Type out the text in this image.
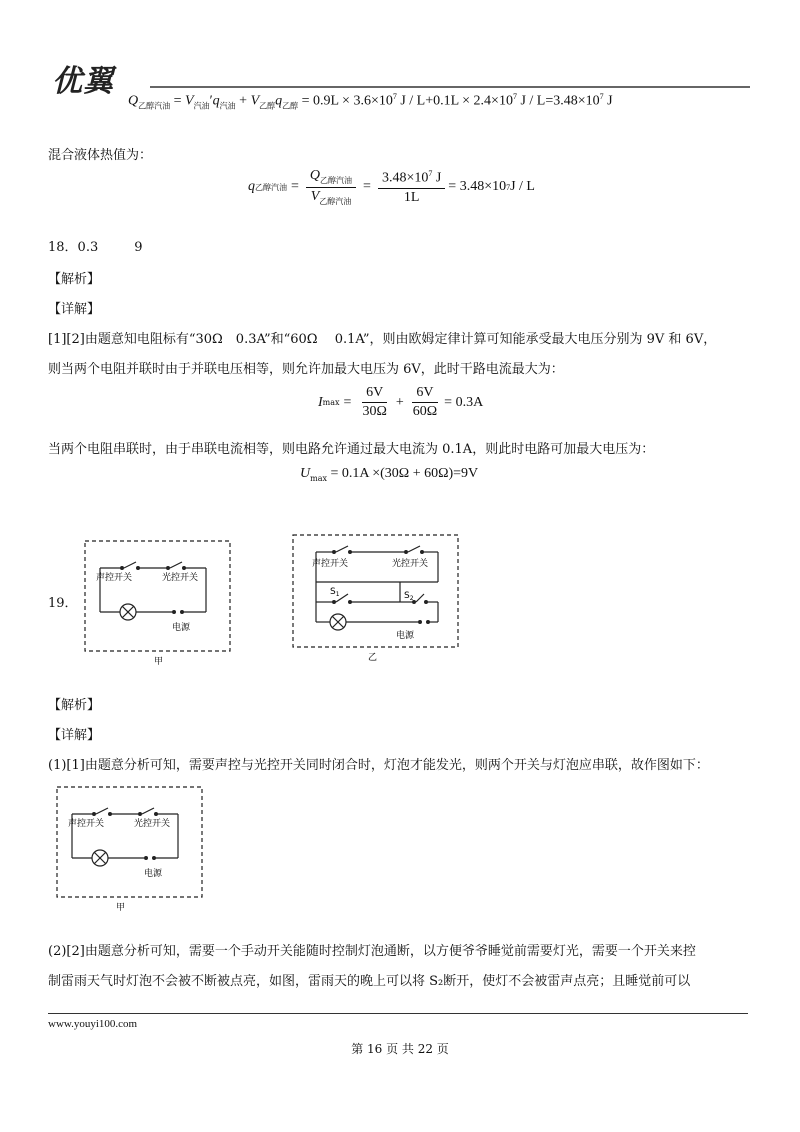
优翼
$Q_{乙醇汽油} = V_{汽油}'q_{汽油} + V_{乙醇}q_{乙醇} = 0.9L \times 3.6\times 10^7$ $J / L+0.1L \times 2.4\times 10^7$ $J / L=3.48\times 10^7$ J
混合液体热值为：
q 乙醇汽油 = $\frac{Q_{乙醇汽油}}{V_{乙醇汽油}} = \frac{3.48\times 10^7 J}{1L} = 3.48\times 10$ 7 J / L
18．0.3	9
【解析】
【详解】
[1][2]由题意知电阻标有“30Ω　0.3A”和“60Ω　 0.1A”，则由欧姆定律计算可知能承受最大电压分别为 9V 和 6V，
则当两个电阻并联时由于并联电压相等，则允许加最大电压为 6V，此时干路电流最大为：
I $\max = \frac{6V}{30\Omega} + \frac{6V}{60\Omega} = 0.3A$
当两个电阻串联时，由于串联电流相等，则电路允许通过最大电流为 0.1A，则此时电路可加最大电压为：
$U_{max} = 0.1A \times(30\Omega + 60\Omega)=9V$
19．
声控开关	光控开关
电源
甲
声控开关	光控开关
$S_1$	$S_2$
电源
乙
【解析】
【详解】
(1)[1]由题意分析可知，需要声控与光控开关同时闭合时，灯泡才能发光，则两个开关与灯泡应串联，故作图如下：
声控开关	光控开关
电源
甲
(2)[2]由题意分析可知，需要一个手动开关能随时控制灯泡通断，以方便爷爷睡觉前需要灯光，需要一个开关来控
制雷雨天气时灯泡不会被不断被点亮，如图，雷雨天的晚上可以将 S₂断开，使灯不会被雷声点亮；且睡觉前可以
www.youyi100.com
第 16 页 共 22 页
